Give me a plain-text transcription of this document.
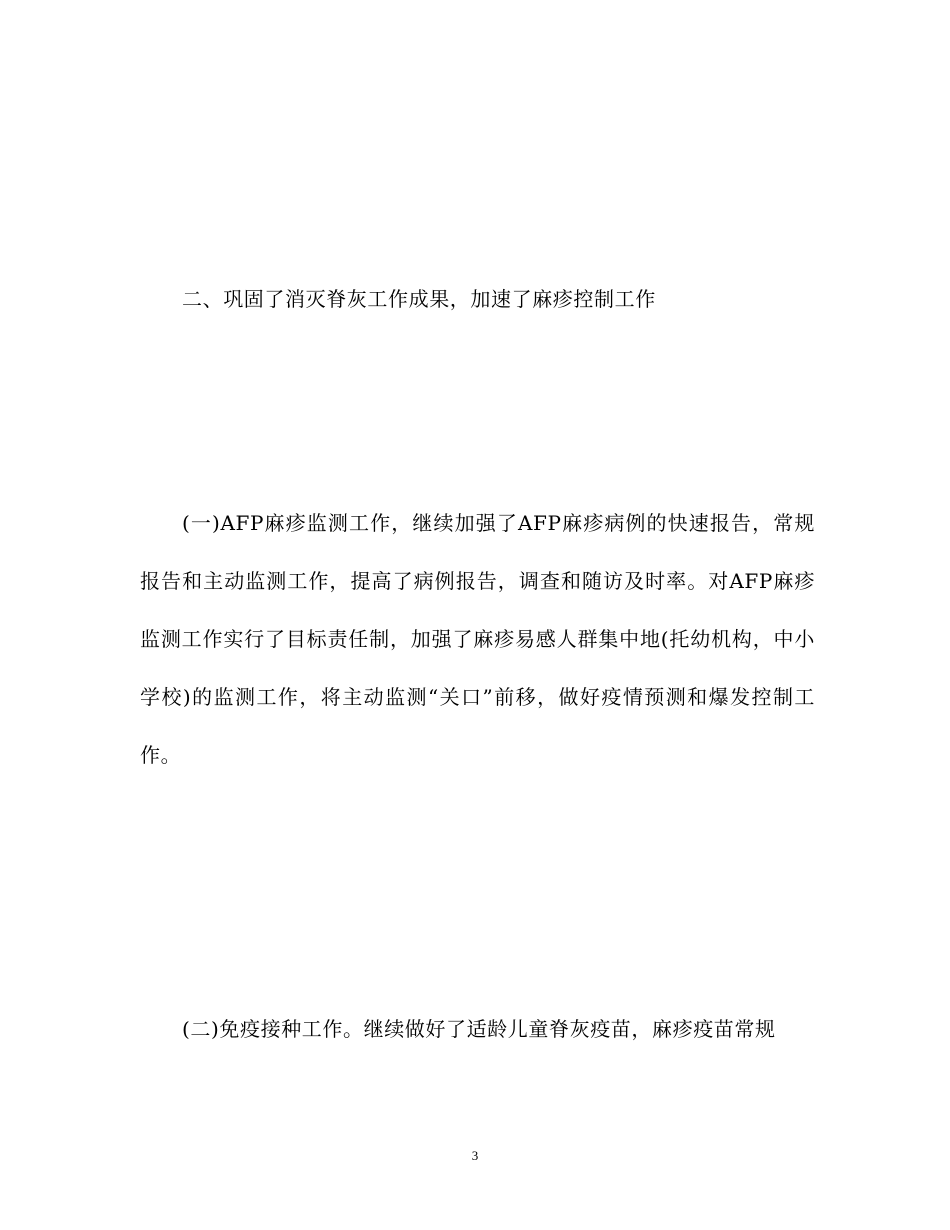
二、巩固了消灭脊灰工作成果，加速了麻疹控制工作

(一)AFP麻疹监测工作，继续加强了AFP麻疹病例的快速报告，常规报告和主动监测工作，提高了病例报告，调查和随访及时率。对AFP麻疹监测工作实行了目标责任制，加强了麻疹易感人群集中地(托幼机构，中小学校)的监测工作，将主动监测“关口”前移，做好疫情预测和爆发控制工作。

(二)免疫接种工作。继续做好了适龄儿童脊灰疫苗，麻疹疫苗常规

3
